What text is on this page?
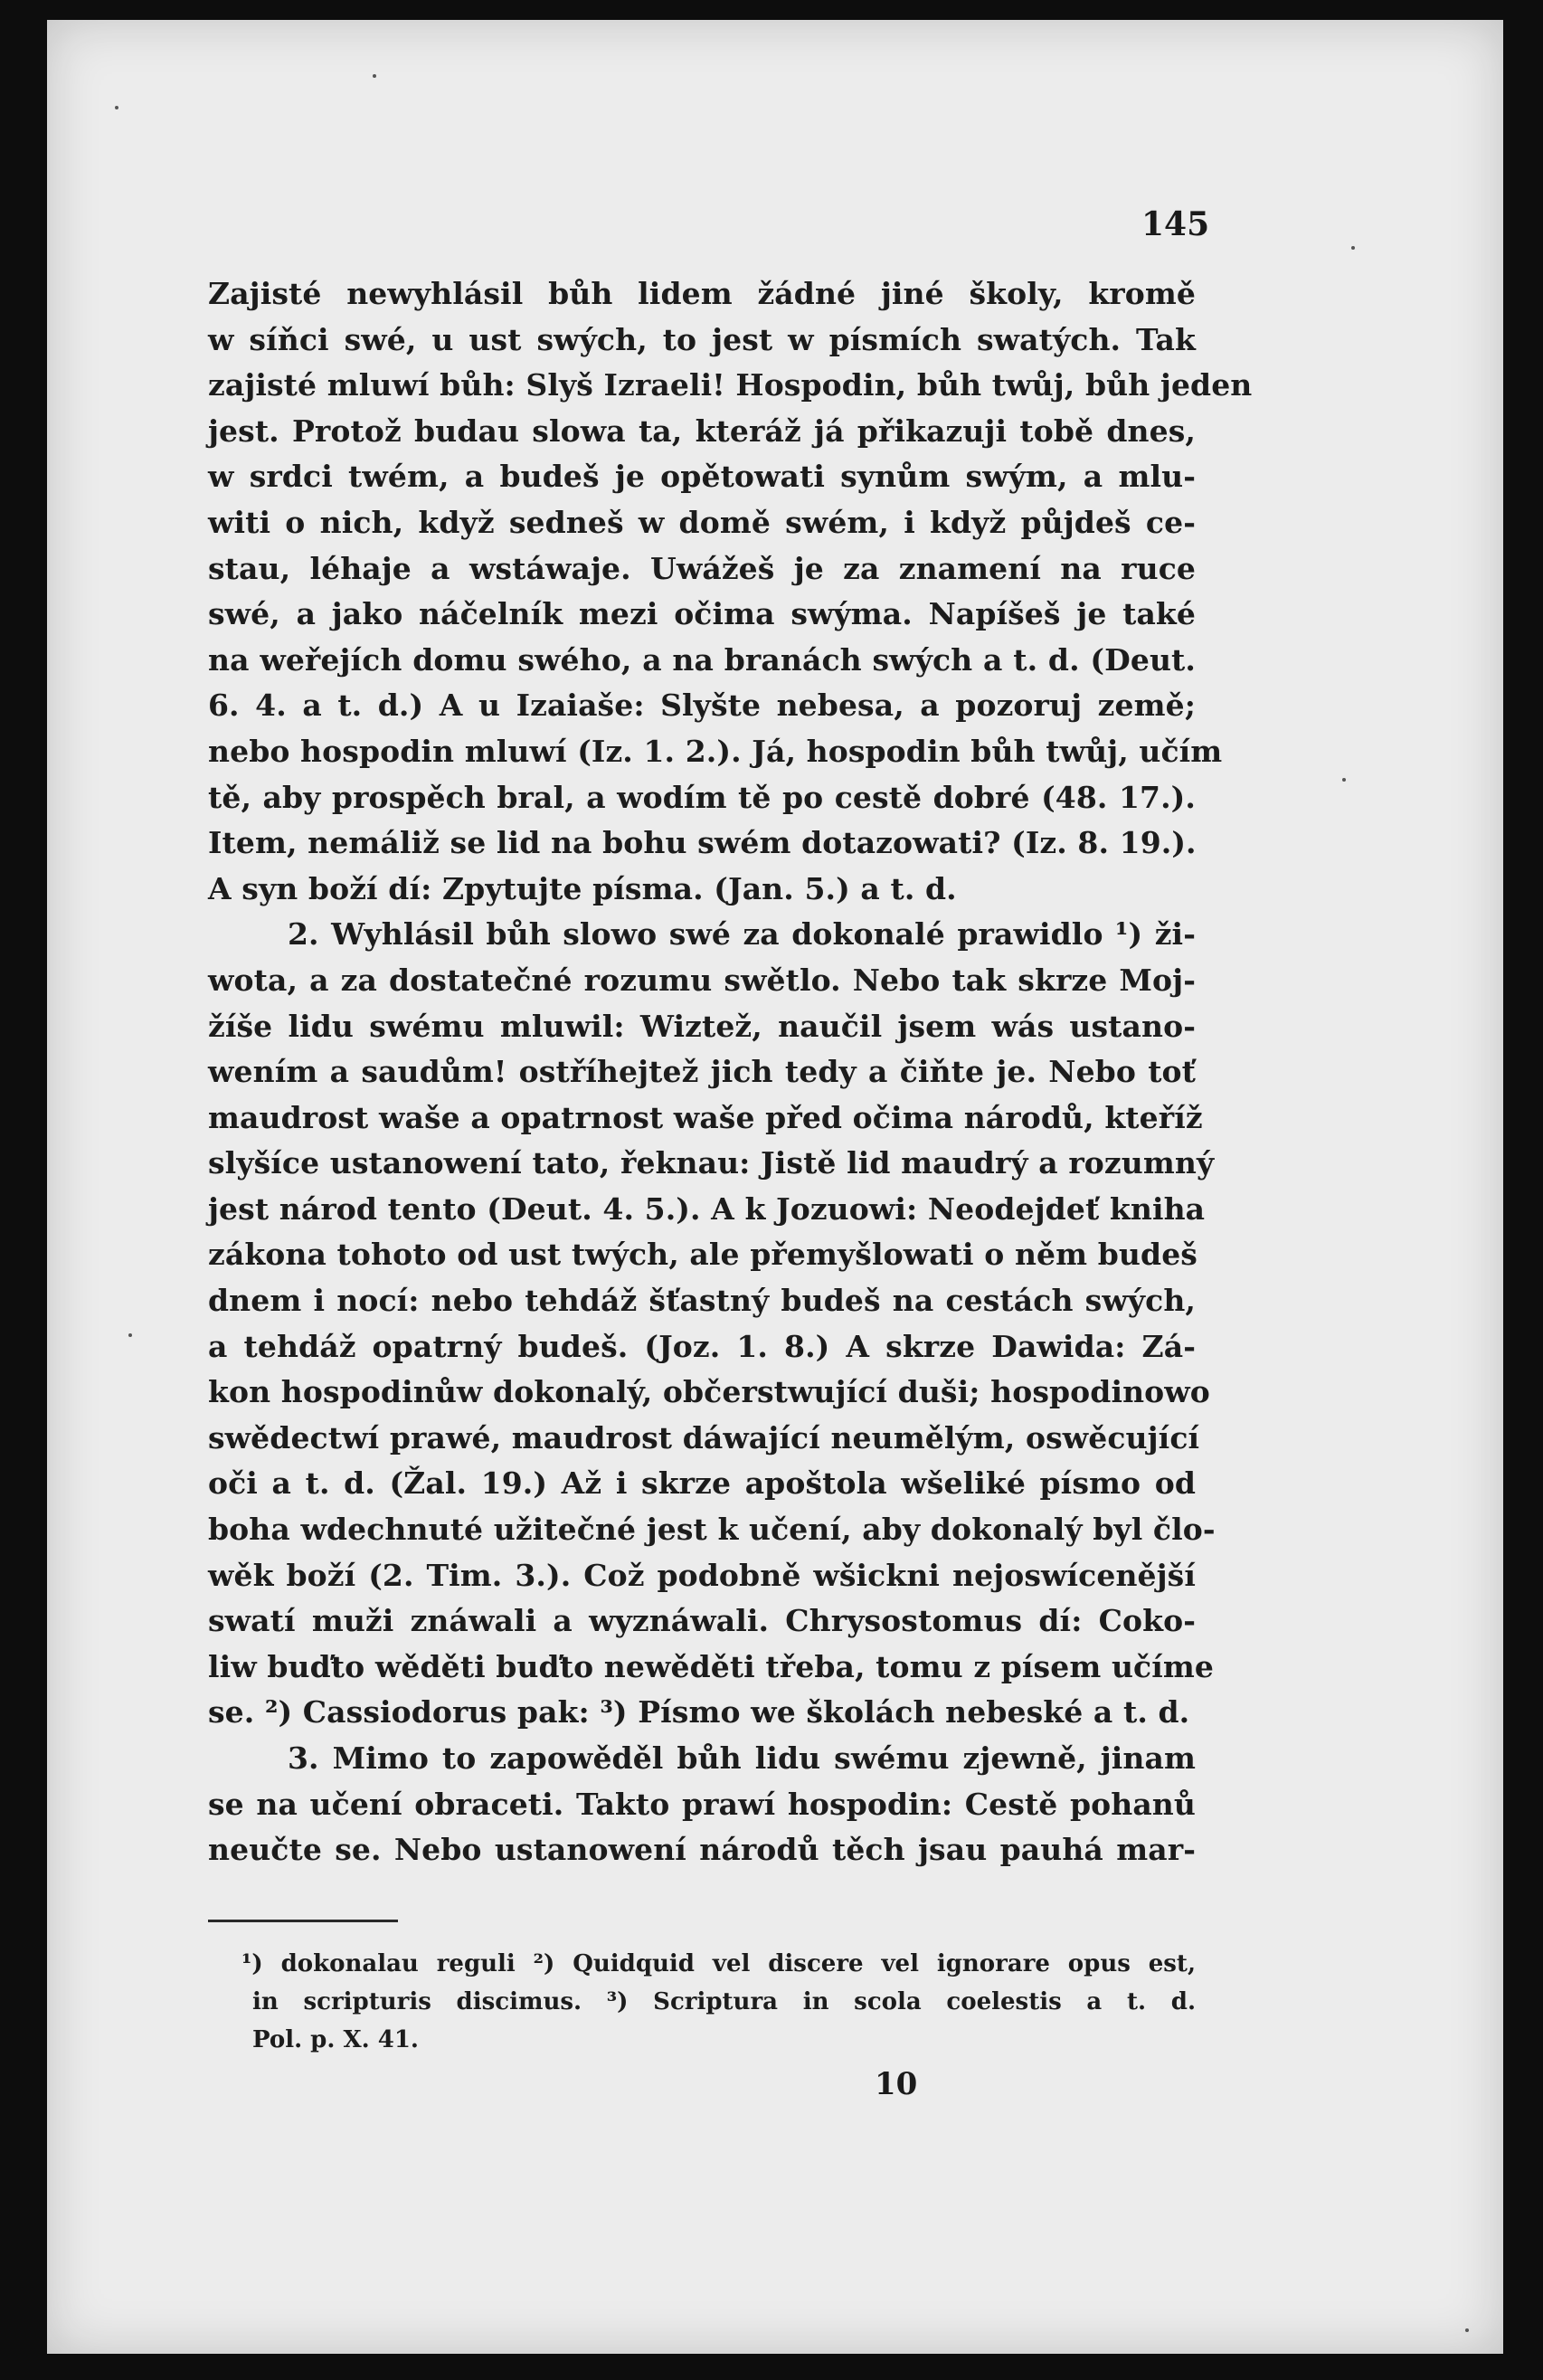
145
Zajisté newyhlásil bůh lidem žádné jiné školy, kromě
w síňci swé, u ust swých, to jest w písmích swatých. Tak
zajisté mluwí bůh: Slyš Izraeli! Hospodin, bůh twůj, bůh jeden
jest. Protož budau slowa ta, kteráž já přikazuji tobě dnes,
w srdci twém, a budeš je opětowati synům swým, a mlu-
witi o nich, když sedneš w domě swém, i když půjdeš ce-
stau, léhaje a wstáwaje. Uwážeš je za znamení na ruce
swé, a jako náčelník mezi očima swýma. Napíšeš je také
na weřejích domu swého, a na branách swých a t. d. (Deut.
6. 4. a t. d.) A u Izaiaše: Slyšte nebesa, a pozoruj země;
nebo hospodin mluwí (Iz. 1. 2.). Já, hospodin bůh twůj, učím
tě, aby prospěch bral, a wodím tě po cestě dobré (48. 17.).
Item, nemáliž se lid na bohu swém dotazowati? (Iz. 8. 19.).
A syn boží dí: Zpytujte písma. (Jan. 5.) a t. d.
2. Wyhlásil bůh slowo swé za dokonalé prawidlo ¹) ži-
wota, a za dostatečné rozumu swětlo. Nebo tak skrze Moj-
žíše lidu swému mluwil: Wiztež, naučil jsem wás ustano-
wením a saudům! ostříhejtež jich tedy a čiňte je. Nebo toť
maudrost waše a opatrnost waše před očima národů, kteříž
slyšíce ustanowení tato, řeknau: Jistě lid maudrý a rozumný
jest národ tento (Deut. 4. 5.). A k Jozuowi: Neodejdeť kniha
zákona tohoto od ust twých, ale přemyšlowati o něm budeš
dnem i nocí: nebo tehdáž šťastný budeš na cestách swých,
a tehdáž opatrný budeš. (Joz. 1. 8.) A skrze Dawida: Zá-
kon hospodinůw dokonalý, občerstwující duši; hospodinowo
swědectwí prawé, maudrost dáwající neumělým, oswěcující
oči a t. d. (Žal. 19.) Až i skrze apoštola wšeliké písmo od
boha wdechnuté užitečné jest k učení, aby dokonalý byl člo-
wěk boží (2. Tim. 3.). Což podobně wšickni nejoswícenější
swatí muži znáwali a wyznáwali. Chrysostomus dí: Coko-
liw buďto wěděti buďto newěděti třeba, tomu z písem učíme
se. ²) Cassiodorus pak: ³) Písmo we školách nebeské a t. d.
3. Mimo to zapowěděl bůh lidu swému zjewně, jinam
se na učení obraceti. Takto prawí hospodin: Cestě pohanů
neučte se. Nebo ustanowení národů těch jsau pauhá mar-
¹) dokonalau reguli ²) Quidquid vel discere vel ignorare opus est,
in scripturis discimus. ³) Scriptura in scola coelestis a t. d.
Pol. p. X. 41.
10
